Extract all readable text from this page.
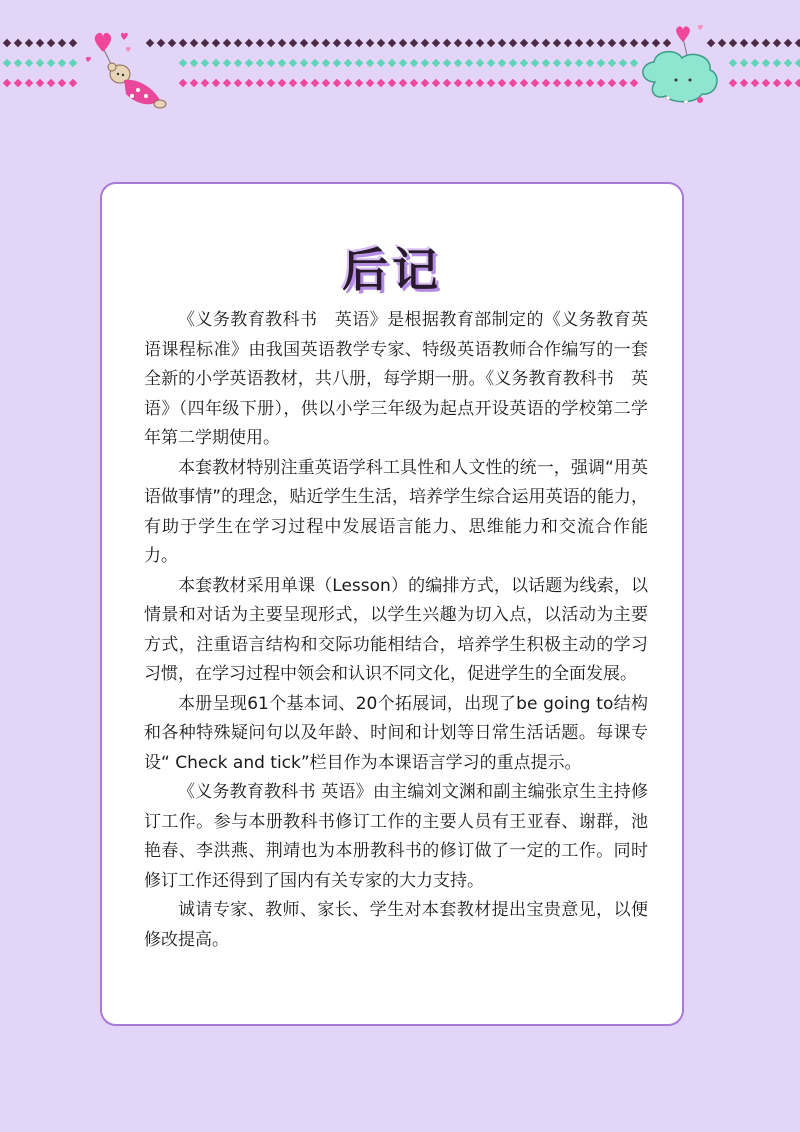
后记

《义务教育教科书　英语》是根据教育部制定的《义务教育英语课程标准》由我国英语教学专家、特级英语教师合作编写的一套全新的小学英语教材，共八册，每学期一册。《义务教育教科书　英语》（四年级下册），供以小学三年级为起点开设英语的学校第二学年第二学期使用。

本套教材特别注重英语学科工具性和人文性的统一，强调“用英语做事情”的理念，贴近学生生活，培养学生综合运用英语的能力，有助于学生在学习过程中发展语言能力、思维能力和交流合作能力。

本套教材采用单课（Lesson）的编排方式，以话题为线索，以情景和对话为主要呈现形式，以学生兴趣为切入点，以活动为主要方式，注重语言结构和交际功能相结合，培养学生积极主动的学习习惯，在学习过程中领会和认识不同文化，促进学生的全面发展。

本册呈现61个基本词、20个拓展词，出现了be going to结构和各种特殊疑问句以及年龄、时间和计划等日常生活话题。每课专设“ Check and tick”栏目作为本课语言学习的重点提示。

《义务教育教科书 英语》由主编刘文渊和副主编张京生主持修订工作。参与本册教科书修订工作的主要人员有王亚春、谢群，池艳春、李洪燕、荆靖也为本册教科书的修订做了一定的工作。同时修订工作还得到了国内有关专家的大力支持。

诚请专家、教师、家长、学生对本套教材提出宝贵意见，以便修改提高。
